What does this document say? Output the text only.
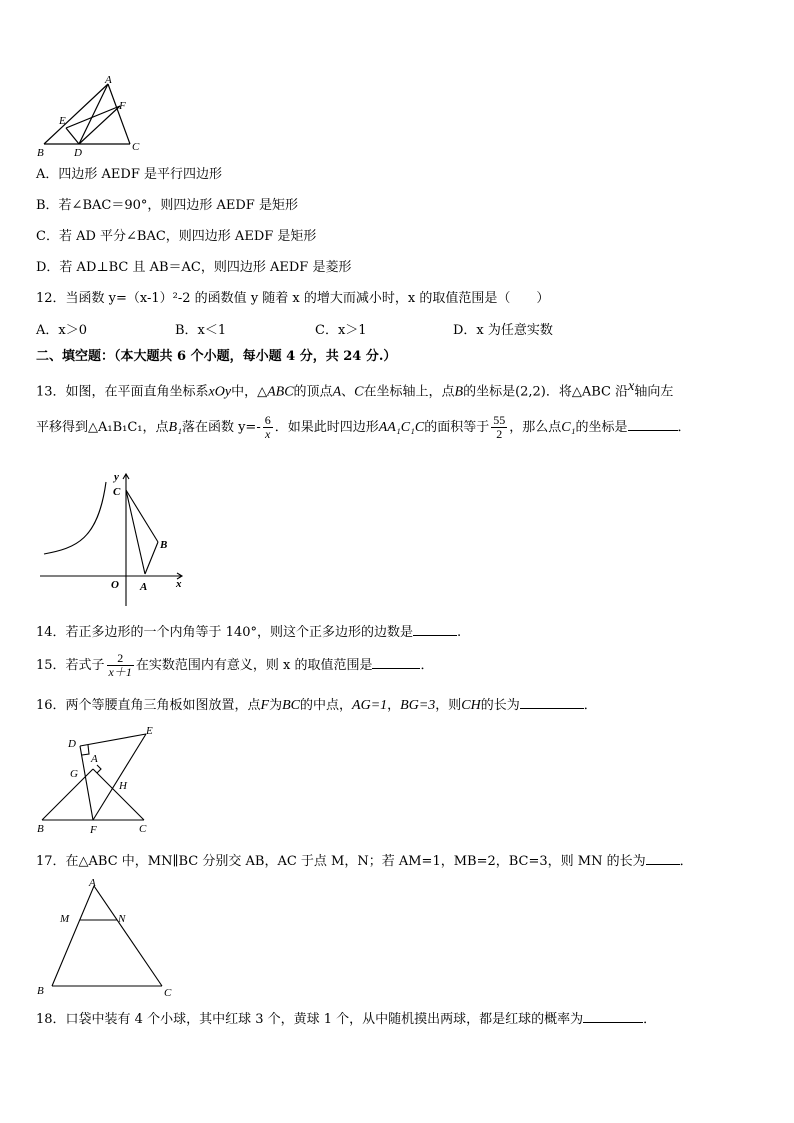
A
F
E
B	D	C
A．四边形 AEDF 是平行四边形
B．若∠BAC＝90°，则四边形 AEDF 是矩形
C．若 AD 平分∠BAC，则四边形 AEDF 是矩形
D．若 AD⊥BC 且 AB＝AC，则四边形 AEDF 是菱形
12．当函数 y=（x-1）²-2 的函数值 y 随着 x 的增大而减小时，x 的取值范围是（　　）
A．x＞0	B．x＜1	C．x＞1	D．x 为任意实数
二、填空题：（本大题共 6 个小题，每小题 4 分，共 24 分.）
13．如图，在平面直角坐标系xOy中，△ABC的顶点A、C在坐标轴上，点B的坐标是(2,2)．将△ABC 沿$^x$轴向左
平移得到△A₁B₁C₁，点B₁落在函数 $y=- \frac{6}{x}$ ．如果此时四边形AA₁C₁C的面积等于 $\frac{55}{2}$ ，那么点C₁的坐标是	．
y
C
B
O A	x
14．若正多边形的一个内角等于 140°，则这个正多边形的边数是	.
15．若式子 $\frac{2}{x+1}$ 在实数范围内有意义，则 x 的取值范围是	．
16．两个等腰直角三角板如图放置，点F为BC的中点，AG=1，BG=3，则CH的长为	．
D
E
G
A
H
B	F	C
17．在△ABC 中，MN∥BC 分别交 AB，AC 于点 M，N；若 AM=1，MB=2，BC=3，则 MN 的长为	．
A
M	N
B	C
18．口袋中装有 4 个小球，其中红球 3 个，黄球 1 个，从中随机摸出两球，都是红球的概率为	．
